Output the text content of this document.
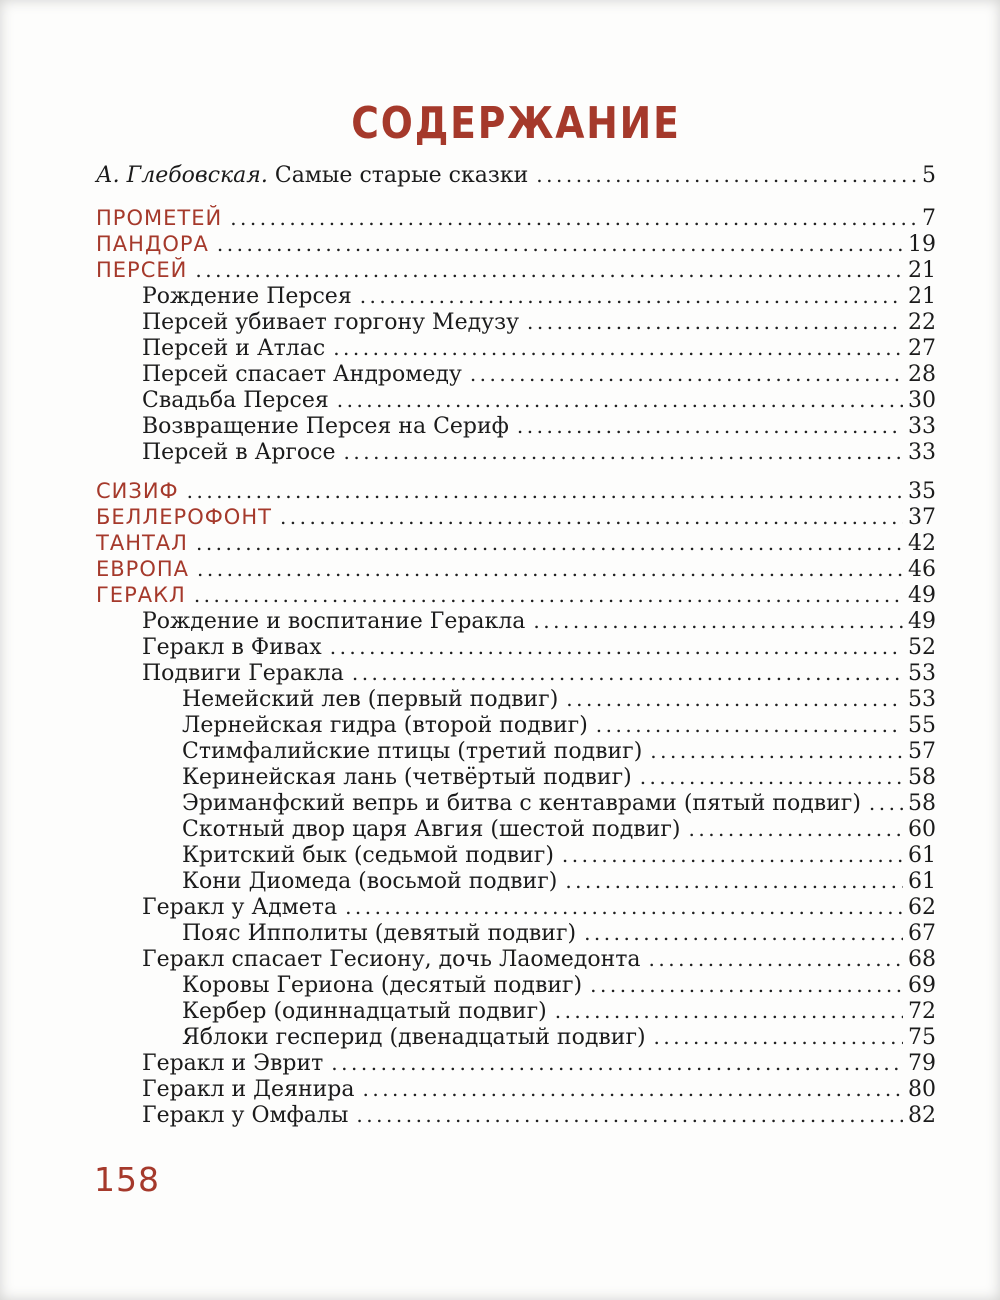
СОДЕРЖАНИЕ
А. Глебовская. Самые старые сказки .....	5
ПРОМЕТЕЙ .....	7
ПАНДОРА .....	19
ПЕРСЕЙ .....	21
Рождение Персея .....	21
Персей убивает горгону Медузу .....	22
Персей и Атлас .....	27
Персей спасает Андромеду .....	28
Свадьба Персея .....	30
Возвращение Персея на Сериф .....	33
Персей в Аргосе .....	33
СИЗИФ .....	35
БЕЛЛЕРОФОНТ .....	37
ТАНТАЛ .....	42
ЕВРОПА .....	46
ГЕРАКЛ .....	49
Рождение и воспитание Геракла .....	49
Геракл в Фивах .....	52
Подвиги Геракла .....	53
Немейский лев (первый подвиг) .....	53
Лернейская гидра (второй подвиг) .....	55
Стимфалийские птицы (третий подвиг) .....	57
Керинейская лань (четвёртый подвиг) .....	58
Эриманфский вепрь и битва с кентаврами (пятый подвиг) ..... 58
Скотный двор царя Авгия (шестой подвиг) .....	60
Критский бык (седьмой подвиг) .....	61
Кони Диомеда (восьмой подвиг) .....	61
Геракл у Адмета .....	62
Пояс Ипполиты (девятый подвиг) .....	67
Геракл спасает Гесиону, дочь Лаомедонта .....	68
Коровы Гериона (десятый подвиг) .....	69
Кербер (одиннадцатый подвиг) .....	72
Яблоки гесперид (двенадцатый подвиг) .....	75
Геракл и Эврит .....	79
Геракл и Деянира .....	80
Геракл у Омфалы .....	82
158
